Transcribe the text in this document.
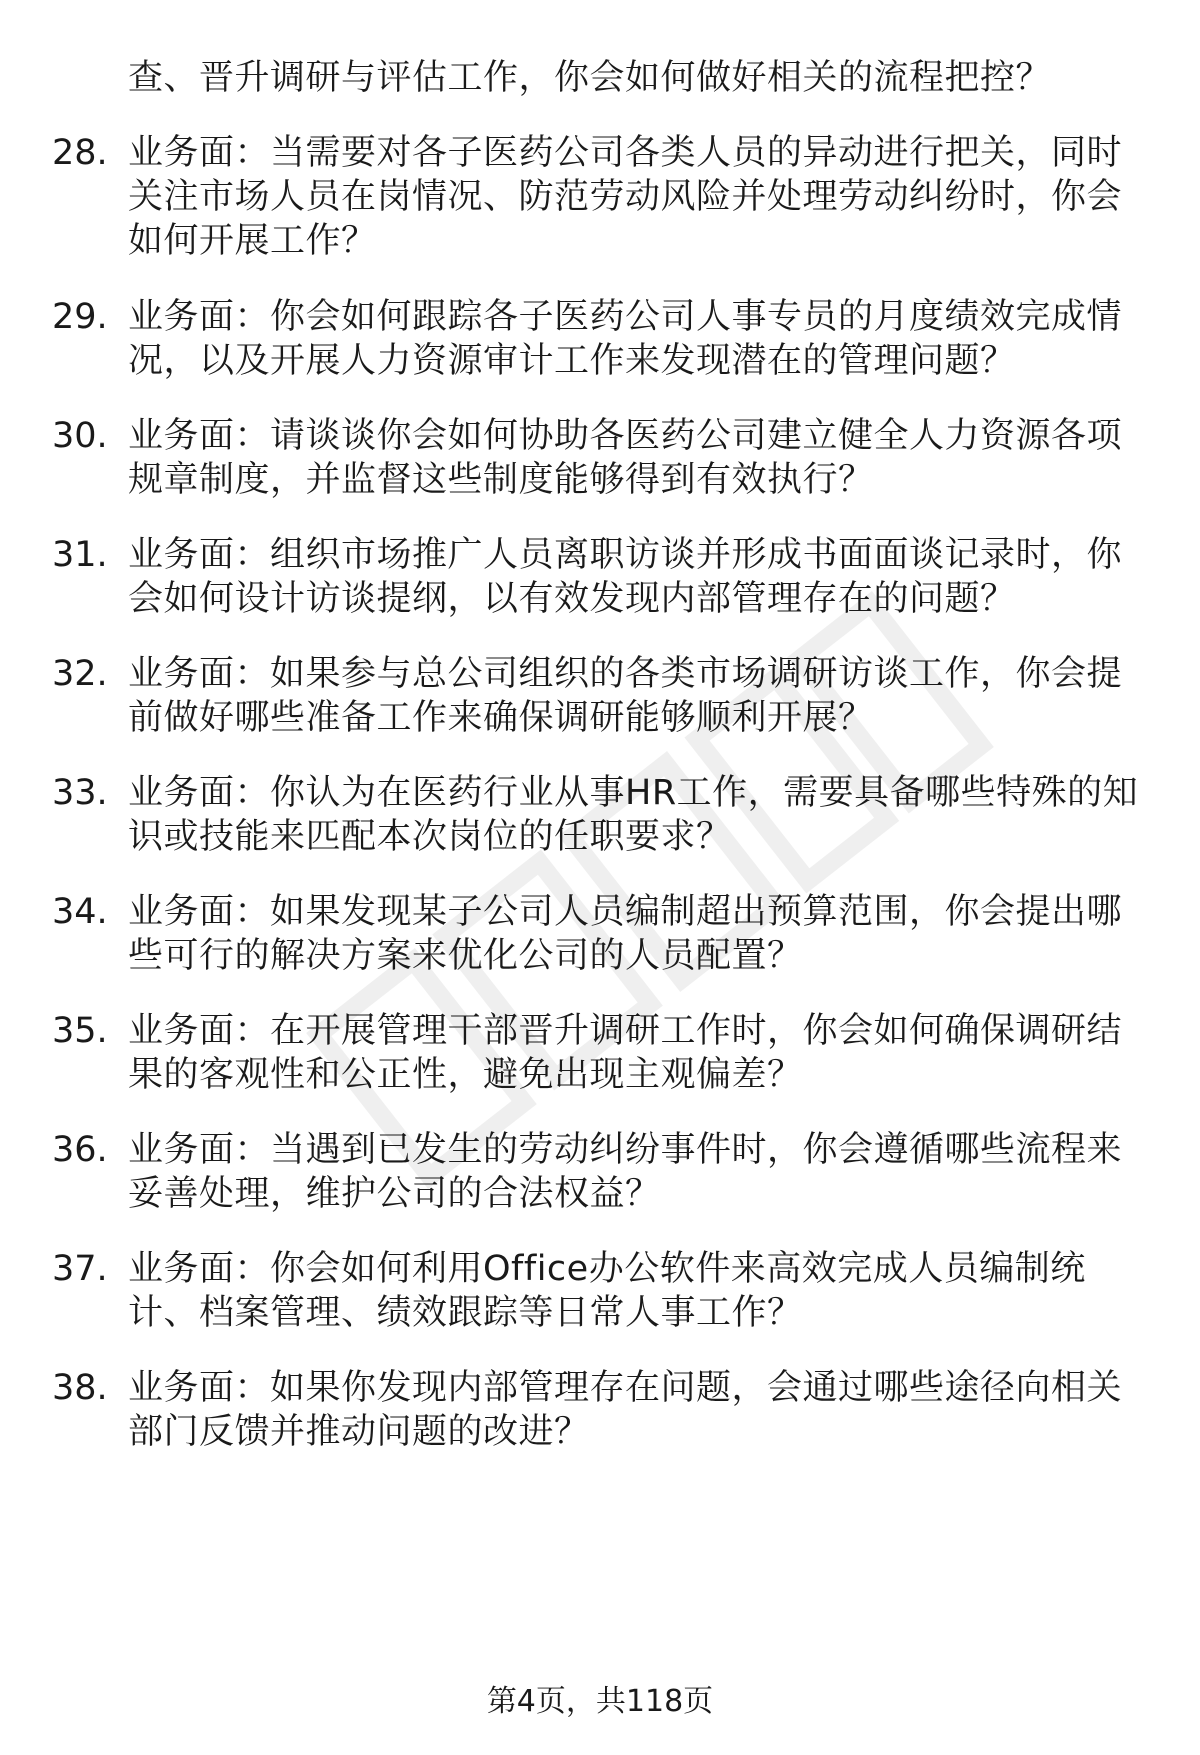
查、晋升调研与评估工作，你会如何做好相关的流程把控？
28. 业务面：当需要对各子医药公司各类人员的异动进行把关，同时
关注市场人员在岗情况、防范劳动风险并处理劳动纠纷时，你会
如何开展工作？
29. 业务面：你会如何跟踪各子医药公司人事专员的月度绩效完成情
况，以及开展人力资源审计工作来发现潜在的管理问题？
30. 业务面：请谈谈你会如何协助各医药公司建立健全人力资源各项
规章制度，并监督这些制度能够得到有效执行？
31. 业务面：组织市场推广人员离职访谈并形成书面面谈记录时，你
会如何设计访谈提纲，以有效发现内部管理存在的问题？
32. 业务面：如果参与总公司组织的各类市场调研访谈工作，你会提
前做好哪些准备工作来确保调研能够顺利开展？
33. 业务面：你认为在医药行业从事HR工作，需要具备哪些特殊的知
识或技能来匹配本次岗位的任职要求？
34. 业务面：如果发现某子公司人员编制超出预算范围，你会提出哪
些可行的解决方案来优化公司的人员配置？
35. 业务面：在开展管理干部晋升调研工作时，你会如何确保调研结
果的客观性和公正性，避免出现主观偏差？
36. 业务面：当遇到已发生的劳动纠纷事件时，你会遵循哪些流程来
妥善处理，维护公司的合法权益？
37. 业务面：你会如何利用Office办公软件来高效完成人员编制统
计、档案管理、绩效跟踪等日常人事工作？
38. 业务面：如果你发现内部管理存在问题，会通过哪些途径向相关
部门反馈并推动问题的改进？
第4页，共118页
